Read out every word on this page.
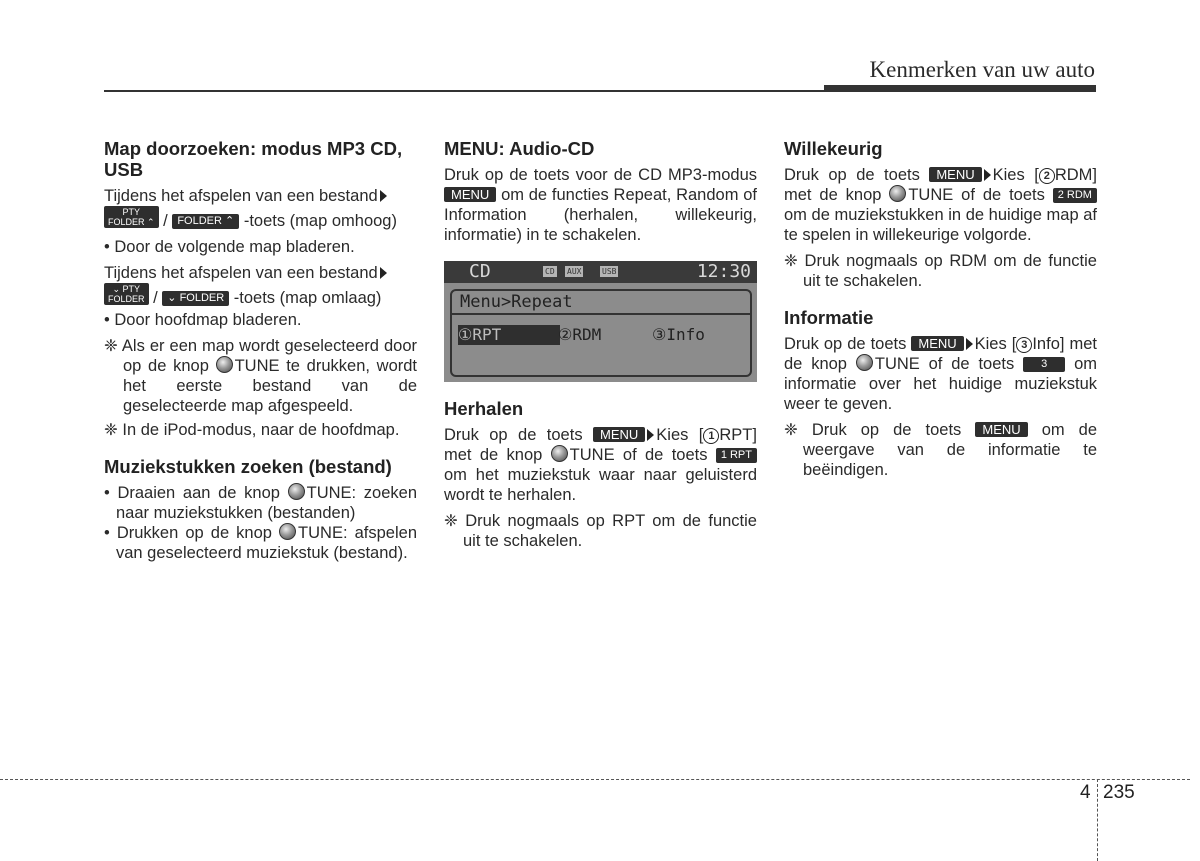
Kenmerken van uw auto
Map doorzoeken: modus MP3 CD, USB

Tijdens het afspelen van een bestand
PTY
FOLDER ⌃ / FOLDER ⌃ -toets (map omhoog)

• Door de volgende map bladeren.

Tijdens het afspelen van een bestand
⌄ PTY
FOLDER / ⌄ FOLDER -toets (map omlaag)

• Door hoofdmap bladeren.

❈ Als er een map wordt geselecteerd door op de knop TUNE te drukken, wordt het eerste bestand van de geselecteerde map afgespeeld.

❈ In de iPod-modus, naar de hoofdmap.

Muziekstukken zoeken (bestand)

• Draaien aan de knop TUNE: zoeken naar muziekstukken (bestanden)

• Drukken op de knop TUNE: afspelen van geselecteerd muziekstuk (bestand).

MENU: Audio-CD

Druk op de toets voor de CD MP3-modus MENU om de functies Repeat, Random of Information (herhalen, willekeurig, informatie) in te schakelen.

CD	CD AUX	USB	12:30
Menu>Repeat
①RPT	②RDM	③Info
Herhalen

Druk op de toets MENU Kies [ 1 RPT] met de knop TUNE of de toets 1 RPT om het muziekstuk waar naar geluisterd wordt te herhalen.

❈ Druk nogmaals op RPT om de functie uit te schakelen.

Willekeurig

Druk op de toets MENU Kies [ 2 RDM] met de knop TUNE of de toets 2 RDM om de muziekstukken in de huidige map af te spelen in willekeurige volgorde.

❈ Druk nogmaals op RDM om de functie uit te schakelen.

Informatie

Druk op de toets MENU Kies [ 3 Info] met de knop TUNE of de toets 3 om informatie over het huidige muziekstuk weer te geven.

❈ Druk op de toets MENU om de weergave van de informatie te beëindigen.

4 235
